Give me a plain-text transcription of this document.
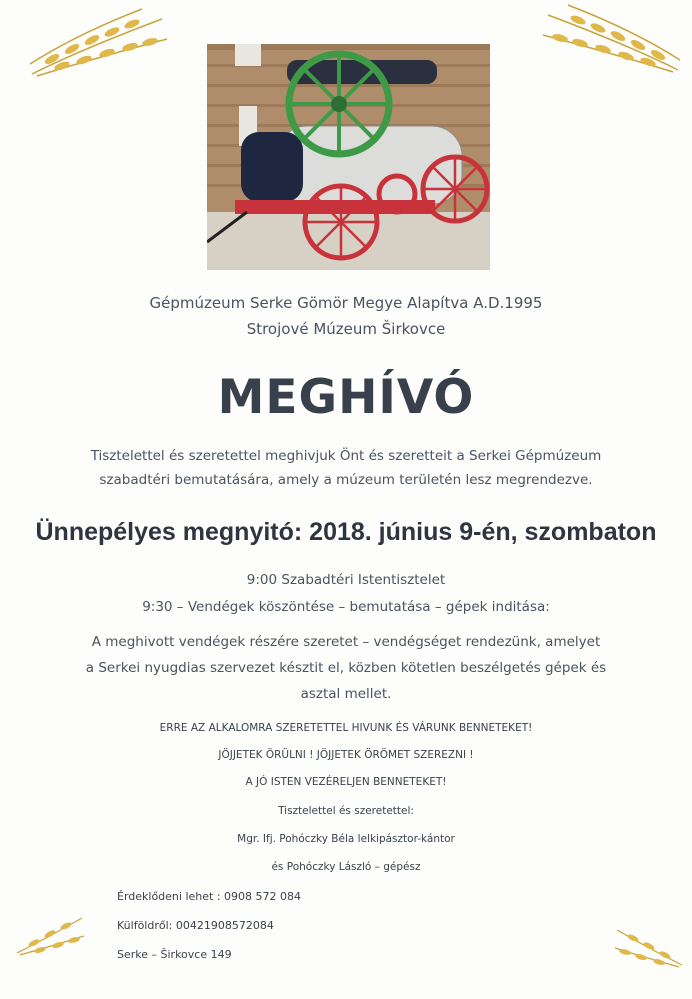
Gépmúzeum Serke Gömör Megye Alapítva A.D.1995
Strojové Múzeum Širkovce
MEGHÍVÓ
Tisztelettel és szeretettel meghivjuk Önt és szeretteit a Serkei Gépmúzeum
szabadtéri bemutatására, amely a múzeum területén lesz megrendezve.
Ünnepélyes megnyitó: 2018. június 9-én, szombaton
9:00 Szabadtéri Istentisztelet
9:30 – Vendégek köszöntése – bemutatása – gépek inditása:
A meghivott vendégek részére szeretet – vendégséget rendezünk, amelyet
a Serkei nyugdias szervezet késztit el, közben kötetlen beszélgetés gépek és
asztal mellet.
ERRE AZ ALKALOMRA SZERETETTEL HIVUNK ÉS VÁRUNK BENNETEKET!
JÖJJETEK ÖRÜLNI ! JÖJJETEK ÖRÖMET SZEREZNI !
A JÓ ISTEN VEZÉRELJEN BENNETEKET!
Tisztelettel és szeretettel:
Mgr. Ifj. Pohóczky Béla lelkipásztor-kántor
és Pohóczky László – gépész
Érdeklődeni lehet : 0908 572 084
Külföldről: 00421908572084
Serke – Širkovce 149
